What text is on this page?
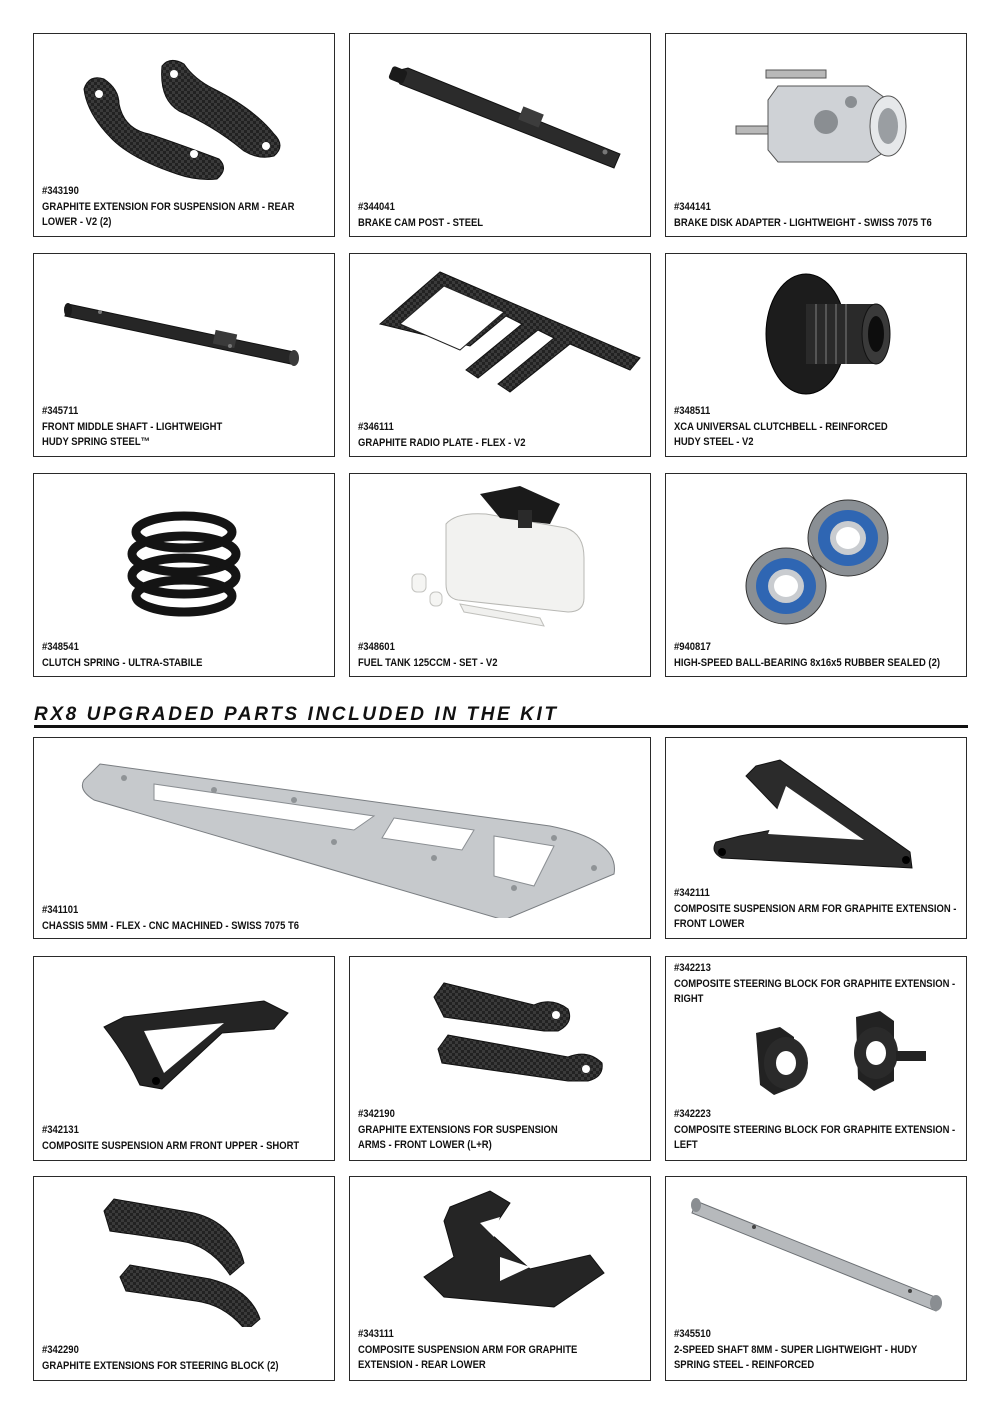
#343190
GRAPHITE EXTENSION FOR SUSPENSION ARM - REAR
LOWER - V2 (2)
#344041
BRAKE CAM POST - STEEL
#344141
BRAKE DISK ADAPTER - LIGHTWEIGHT - SWISS 7075 T6
#345711
FRONT MIDDLE SHAFT - LIGHTWEIGHT
HUDY SPRING STEEL™
#346111
GRAPHITE RADIO PLATE - FLEX - V2
#348511
XCA UNIVERSAL CLUTCHBELL - REINFORCED
HUDY STEEL - V2
#348541
CLUTCH SPRING - ULTRA-STABILE
#348601
FUEL TANK 125CCM - SET - V2
#940817
HIGH-SPEED BALL-BEARING 8x16x5 RUBBER SEALED (2)
RX8 UPGRADED PARTS INCLUDED IN THE KIT
#341101
CHASSIS 5MM - FLEX - CNC MACHINED - SWISS 7075 T6
#342111
COMPOSITE SUSPENSION ARM FOR GRAPHITE EXTENSION -
FRONT LOWER
#342131
COMPOSITE SUSPENSION ARM FRONT UPPER - SHORT
#342190
GRAPHITE EXTENSIONS FOR SUSPENSION
ARMS - FRONT LOWER (L+R)
#342213
COMPOSITE STEERING BLOCK FOR GRAPHITE EXTENSION -
RIGHT
#342223
COMPOSITE STEERING BLOCK FOR GRAPHITE EXTENSION -
LEFT
#342290
GRAPHITE EXTENSIONS FOR STEERING BLOCK (2)
#343111
COMPOSITE SUSPENSION ARM FOR GRAPHITE
EXTENSION - REAR LOWER
#345510
2-SPEED SHAFT 8MM - SUPER LIGHTWEIGHT - HUDY
SPRING STEEL - REINFORCED
